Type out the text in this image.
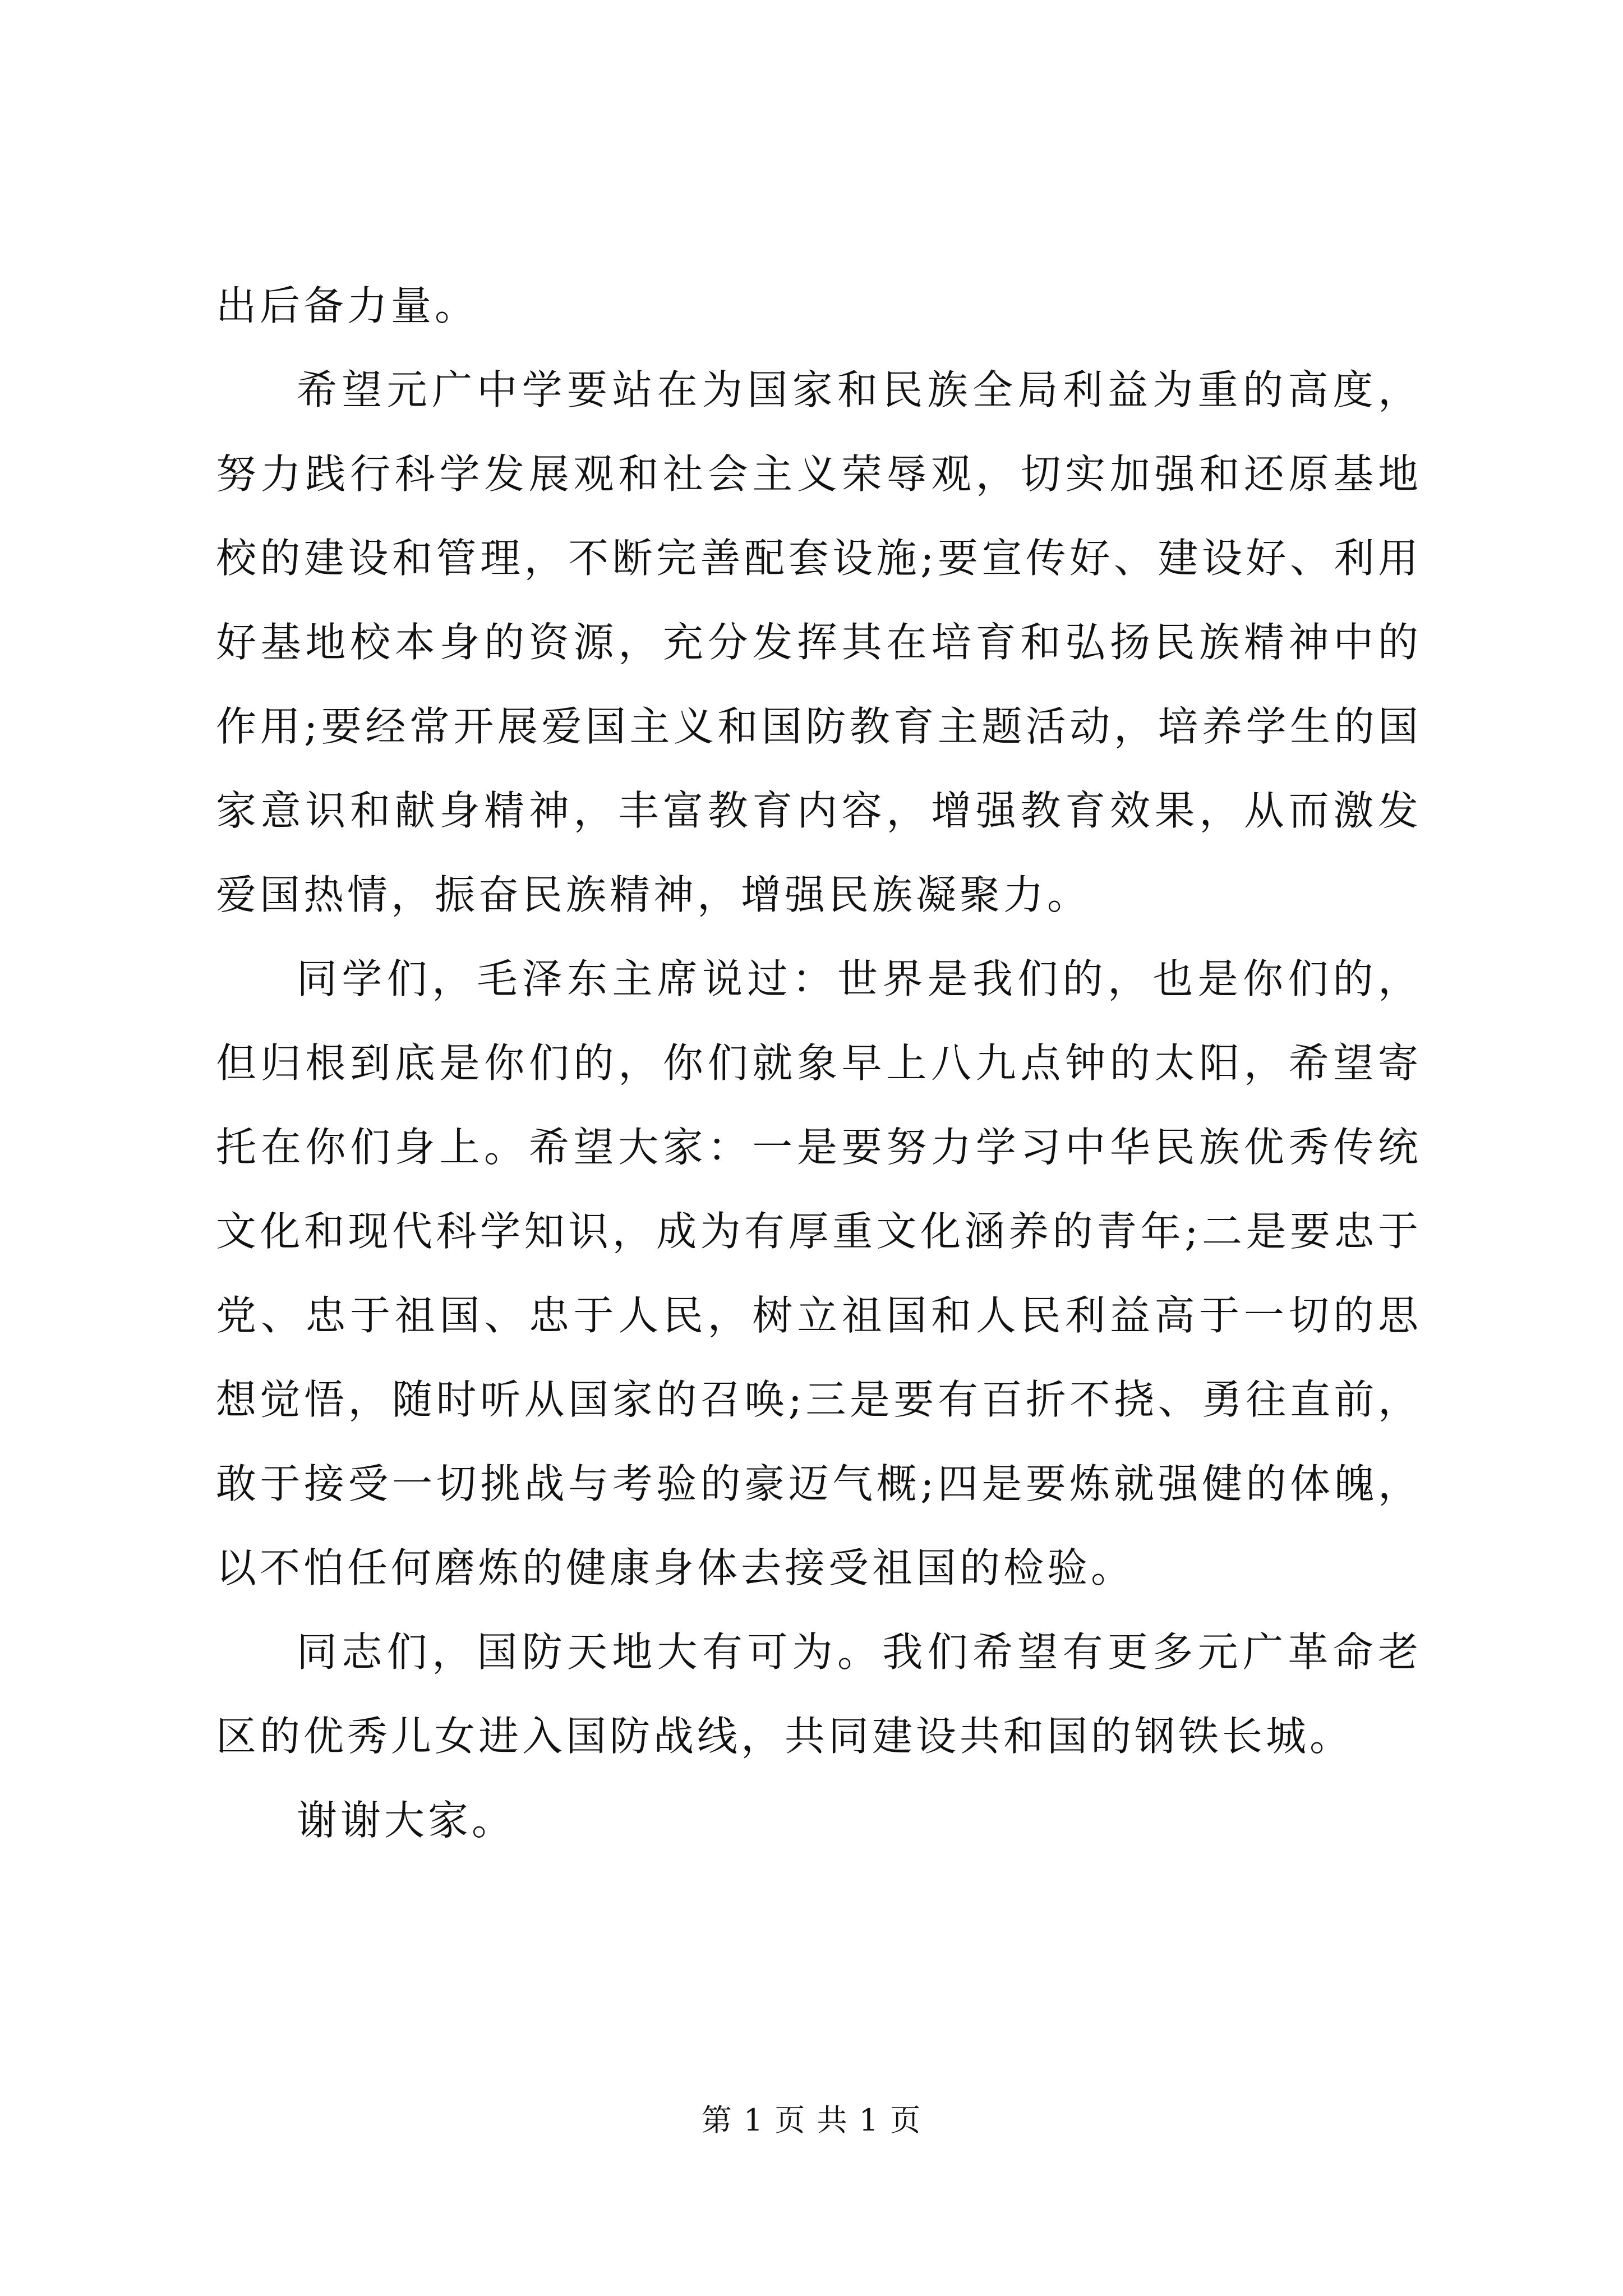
出后备力量。

希望元广中学要站在为国家和民族全局利益为重的高度，努力践行科学发展观和社会主义荣辱观，切实加强和还原基地校的建设和管理，不断完善配套设施;要宣传好、建设好、利用好基地校本身的资源，充分发挥其在培育和弘扬民族精神中的作用;要经常开展爱国主义和国防教育主题活动，培养学生的国家意识和献身精神，丰富教育内容，增强教育效果，从而激发爱国热情，振奋民族精神，增强民族凝聚力。

同学们，毛泽东主席说过：世界是我们的，也是你们的，但归根到底是你们的，你们就象早上八九点钟的太阳，希望寄托在你们身上。希望大家：一是要努力学习中华民族优秀传统文化和现代科学知识，成为有厚重文化涵养的青年;二是要忠于党、忠于祖国、忠于人民，树立祖国和人民利益高于一切的思想觉悟，随时听从国家的召唤;三是要有百折不挠、勇往直前，敢于接受一切挑战与考验的豪迈气概;四是要炼就强健的体魄，以不怕任何磨炼的健康身体去接受祖国的检验。

同志们，国防天地大有可为。我们希望有更多元广革命老区的优秀儿女进入国防战线，共同建设共和国的钢铁长城。

谢谢大家。

第 1 页 共 1 页
